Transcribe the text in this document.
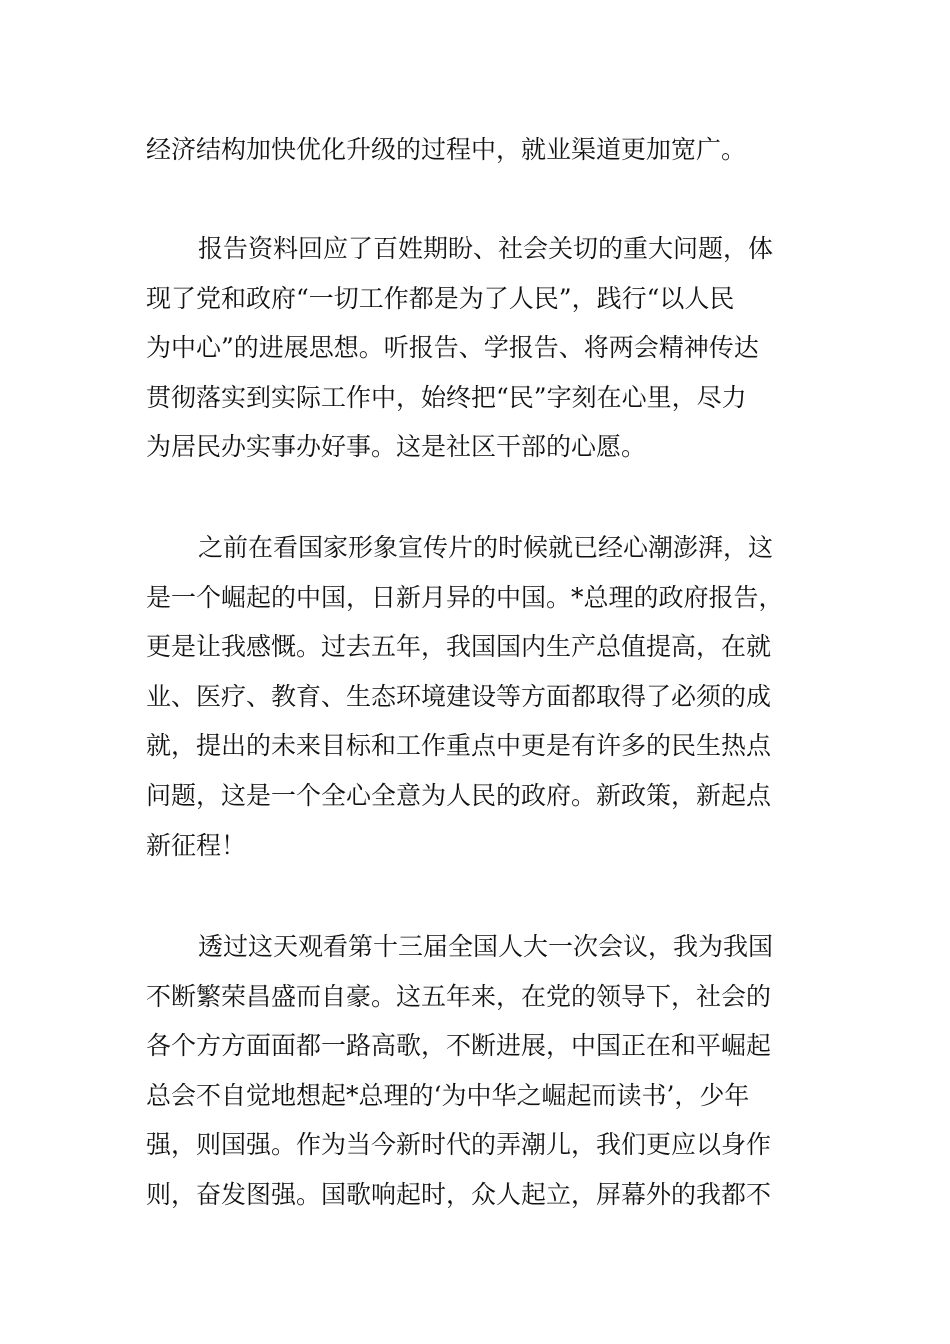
经济结构加快优化升级的过程中，就业渠道更加宽广。
报告资料回应了百姓期盼、社会关切的重大问题，体
现了党和政府“一切工作都是为了人民”，践行“以人民
为中心”的进展思想。听报告、学报告、将两会精神传达
贯彻落实到实际工作中，始终把“民”字刻在心里，尽力
为居民办实事办好事。这是社区干部的心愿。
之前在看国家形象宣传片的时候就已经心潮澎湃，这
是一个崛起的中国，日新月异的中国。*总理的政府报告，
更是让我感慨。过去五年，我国国内生产总值提高，在就
业、医疗、教育、生态环境建设等方面都取得了必须的成
就，提出的未来目标和工作重点中更是有许多的民生热点
问题，这是一个全心全意为人民的政府。新政策，新起点
新征程！
透过这天观看第十三届全国人大一次会议，我为我国
不断繁荣昌盛而自豪。这五年来，在党的领导下，社会的
各个方方面面都一路高歌，不断进展，中国正在和平崛起
总会不自觉地想起*总理的‘为中华之崛起而读书’，少年
强，则国强。作为当今新时代的弄潮儿，我们更应以身作
则，奋发图强。国歌响起时，众人起立，屏幕外的我都不
